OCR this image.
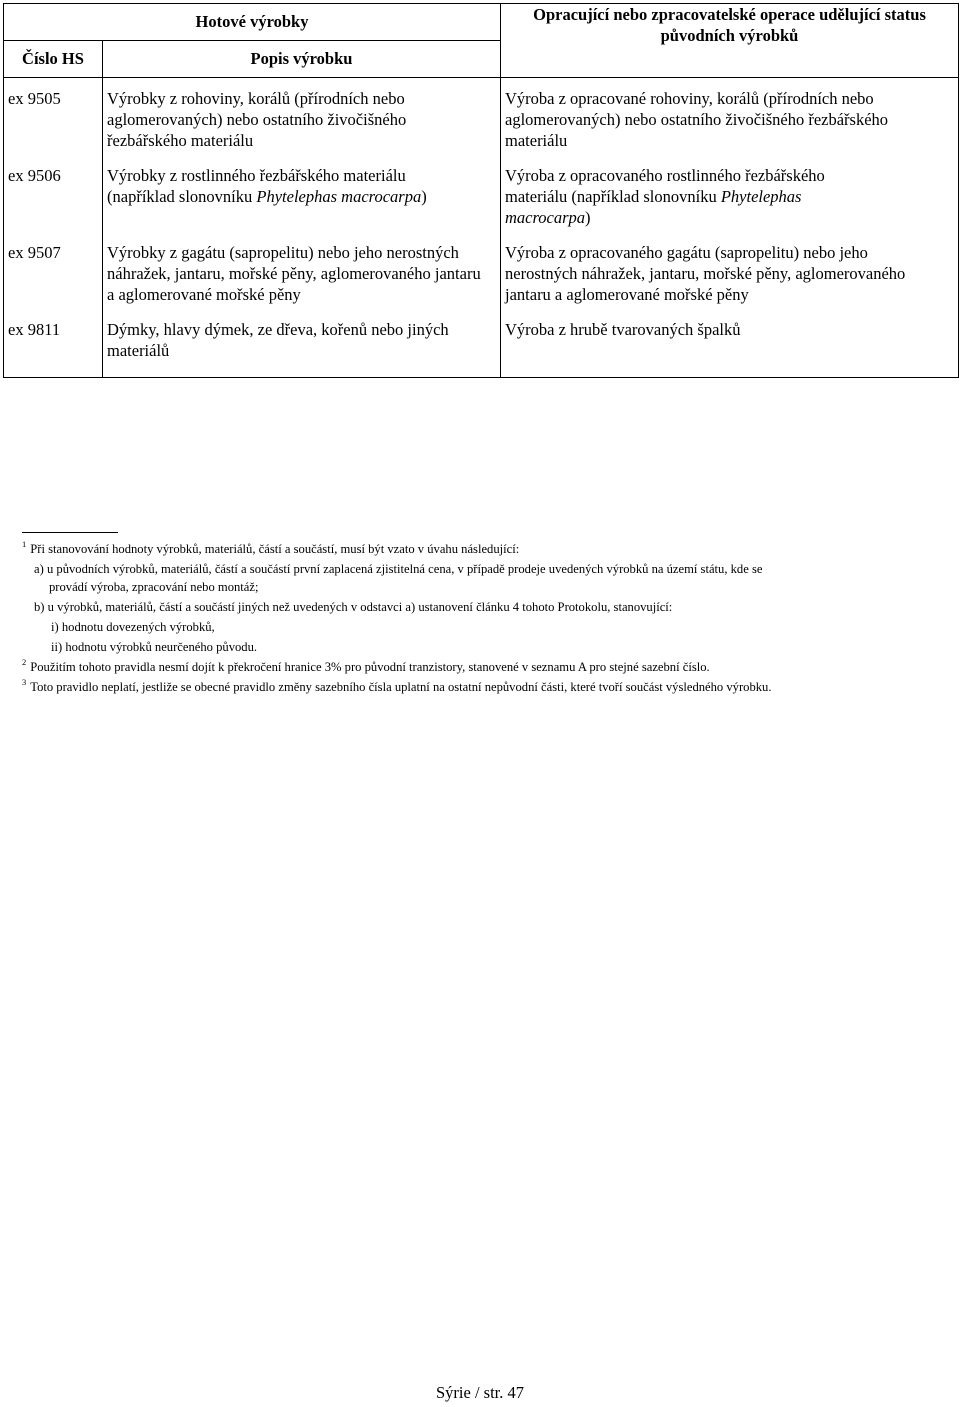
Hotové výrobky		Opracující nebo zpracovatelské operace udělující status původních výrobků
Číslo HS	Popis výrobku	
ex 9505	Výrobky z rohoviny, korálů (přírodních nebo aglomerovaných) nebo ostatního živočišného řezbářského materiálu	Výroba z opracované rohoviny, korálů (přírodních nebo aglomerovaných) nebo ostatního živočišného řezbářského materiálu

ex 9506	Výrobky z rostlinného řezbářského materiálu (například slonovníku Phytelephas macrocarpa)	Výroba z opracovaného rostlinného řezbářského materiálu (například slonovníku Phytelephas macrocarpa)

ex 9507	Výrobky z gagátu (sapropelitu) nebo jeho nerostných náhražek, jantaru, mořské pěny, aglomerovaného jantaru a aglomerované mořské pěny	Výroba z opracovaného gagátu (sapropelitu) nebo jeho nerostných náhražek, jantaru, mořské pěny, aglomerovaného jantaru a aglomerované mořské pěny

ex 9811	Dýmky, hlavy dýmek, ze dřeva, kořenů nebo jiných materiálů	Výroba z hrubě tvarovaných špalků
$^1$ Při stanovování hodnoty výrobků, materiálů, částí a součástí, musí být vzato v úvahu následující:
a) u původních výrobků, materiálů, částí a součástí první zaplacená zjistitelná cena, v případě prodeje uvedených výrobků na území státu, kde se
provádí výroba, zpracování nebo montáž;
b) u výrobků, materiálů, částí a součástí jiných než uvedených v odstavci a) ustanovení článku 4 tohoto Protokolu, stanovující:
i) hodnotu dovezených výrobků,
ii) hodnotu výrobků neurčeného původu.
$^2$ Použitím tohoto pravidla nesmí dojít k překročení hranice 3% pro původní tranzistory, stanovené v seznamu A pro stejné sazební číslo.
$^3$ Toto pravidlo neplatí, jestliže se obecné pravidlo změny sazebního čísla uplatní na ostatní nepůvodní části, které tvoří součást výsledného výrobku.
Sýrie / str. 47
